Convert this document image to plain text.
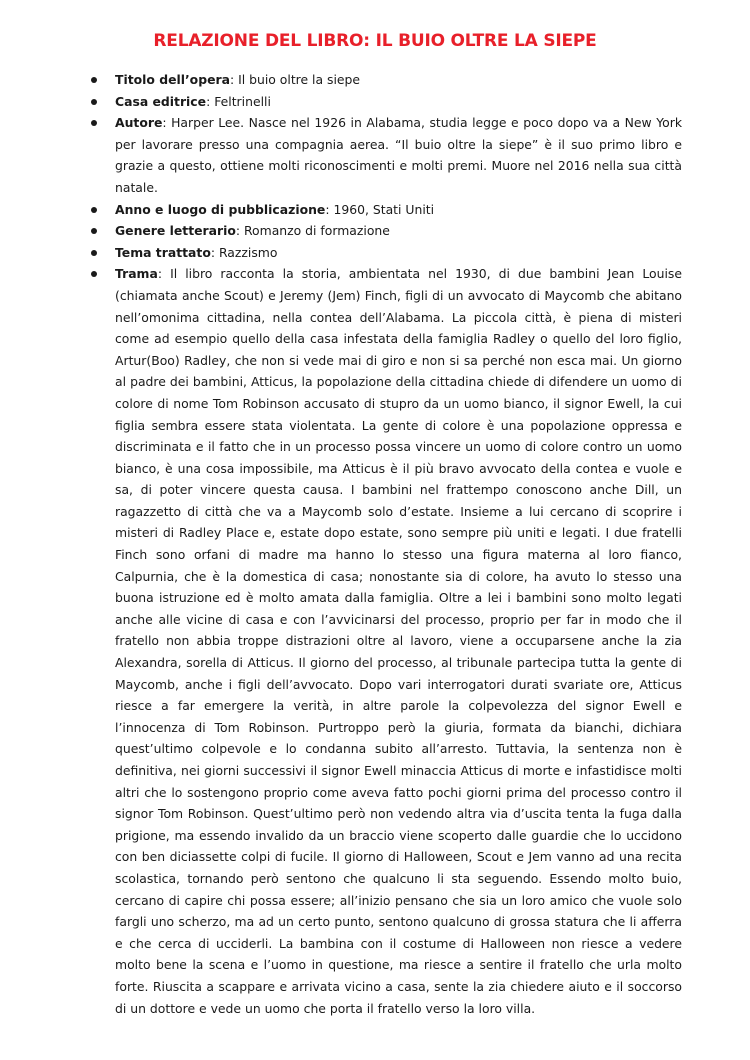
RELAZIONE DEL LIBRO: IL BUIO OLTRE LA SIEPE
Titolo dell’opera: Il buio oltre la siepe
Casa editrice: Feltrinelli
Autore: Harper Lee. Nasce nel 1926 in Alabama, studia legge e poco dopo va a New York per lavorare presso una compagnia aerea. “Il buio oltre la siepe” è il suo primo libro e grazie a questo, ottiene molti riconoscimenti e molti premi. Muore nel 2016 nella sua città natale.
Anno e luogo di pubblicazione: 1960, Stati Uniti
Genere letterario: Romanzo di formazione
Tema trattato: Razzismo
Trama: Il libro racconta la storia, ambientata nel 1930, di due bambini Jean Louise (chiamata anche Scout) e Jeremy (Jem) Finch, figli di un avvocato di Maycomb che abitano nell’omonima cittadina, nella contea dell’Alabama. La piccola città, è piena di misteri come ad esempio quello della casa infestata della famiglia Radley o quello del loro figlio, Artur(Boo) Radley, che non si vede mai di giro e non si sa perché non esca mai. Un giorno al padre dei bambini, Atticus, la popolazione della cittadina chiede di difendere un uomo di colore di nome Tom Robinson accusato di stupro da un uomo bianco, il signor Ewell, la cui figlia sembra essere stata violentata. La gente di colore è una popolazione oppressa e discriminata e il fatto che in un processo possa vincere un uomo di colore contro un uomo bianco, è una cosa impossibile, ma Atticus è il più bravo avvocato della contea e vuole e sa, di poter vincere questa causa. I bambini nel frattempo conoscono anche Dill, un ragazzetto di città che va a Maycomb solo d’estate. Insieme a lui cercano di scoprire i misteri di Radley Place e, estate dopo estate, sono sempre più uniti e legati. I due fratelli Finch sono orfani di madre ma hanno lo stesso una figura materna al loro fianco, Calpurnia, che è la domestica di casa; nonostante sia di colore, ha avuto lo stesso una buona istruzione ed è molto amata dalla famiglia. Oltre a lei i bambini sono molto legati anche alle vicine di casa e con l’avvicinarsi del processo, proprio per far in modo che il fratello non abbia troppe distrazioni oltre al lavoro, viene a occuparsene anche la zia Alexandra, sorella di Atticus. Il giorno del processo, al tribunale partecipa tutta la gente di Maycomb, anche i figli dell’avvocato. Dopo vari interrogatori durati svariate ore, Atticus riesce a far emergere la verità, in altre parole la colpevolezza del signor Ewell e l’innocenza di Tom Robinson. Purtroppo però la giuria, formata da bianchi, dichiara quest’ultimo colpevole e lo condanna subito all’arresto. Tuttavia, la sentenza non è definitiva, nei giorni successivi il signor Ewell minaccia Atticus di morte e infastidisce molti altri che lo sostengono proprio come aveva fatto pochi giorni prima del processo contro il signor Tom Robinson. Quest’ultimo però non vedendo altra via d’uscita tenta la fuga dalla prigione, ma essendo invalido da un braccio viene scoperto dalle guardie che lo uccidono con ben diciassette colpi di fucile. Il giorno di Halloween, Scout e Jem vanno ad una recita scolastica, tornando però sentono che qualcuno li sta seguendo. Essendo molto buio, cercano di capire chi possa essere; all’inizio pensano che sia un loro amico che vuole solo fargli uno scherzo, ma ad un certo punto, sentono qualcuno di grossa statura che li afferra e che cerca di ucciderli. La bambina con il costume di Halloween non riesce a vedere molto bene la scena e l’uomo in questione, ma riesce a sentire il fratello che urla molto forte. Riuscita a scappare e arrivata vicino a casa, sente la zia chiedere aiuto e il soccorso di un dottore e vede un uomo che porta il fratello verso la loro villa.
